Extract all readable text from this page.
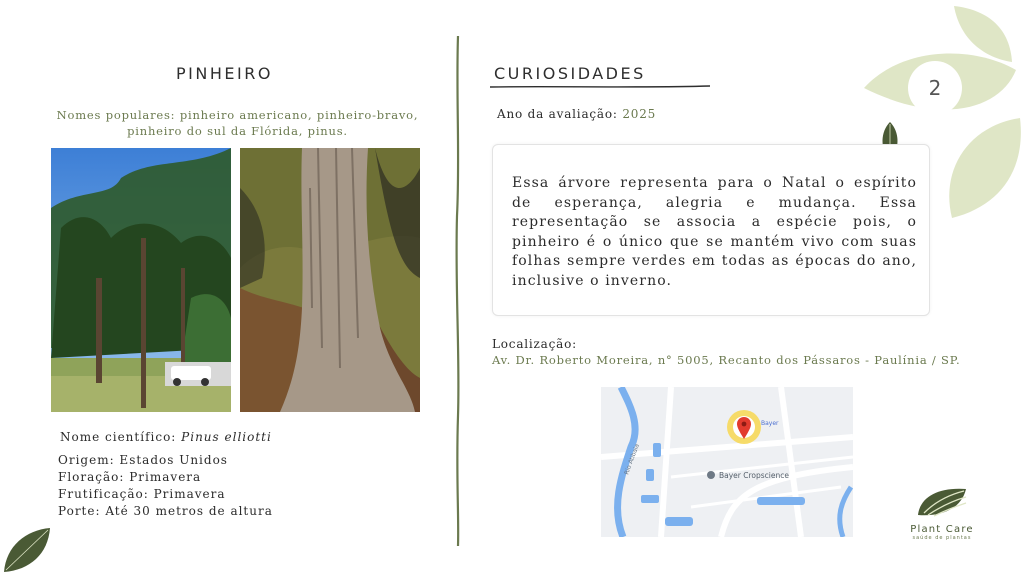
2
PINHEIRO
Nomes populares: pinheiro americano, pinheiro-bravo,
pinheiro do sul da Flórida, pinus.
Nome científico: Pinus elliotti
Origem: Estados Unidos
Floração: Primavera
Frutificação: Primavera
Porte: Até 30 metros de altura
CURIOSIDADES
Ano da avaliação: 2025
Essa árvore representa para o Natal o espírito de esperança, alegria e mudança. Essa representação se associa a espécie pois, o pinheiro é o único que se mantém vivo com suas folhas sempre verdes em todas as épocas do ano, inclusive o inverno.
Localização:
Av. Dr. Roberto Moreira, n° 5005, Recanto dos Pássaros - Paulínia / SP.
Rio Atibaia
Bayer
Bayer Cropscience
Plant Care
saúde de plantas
